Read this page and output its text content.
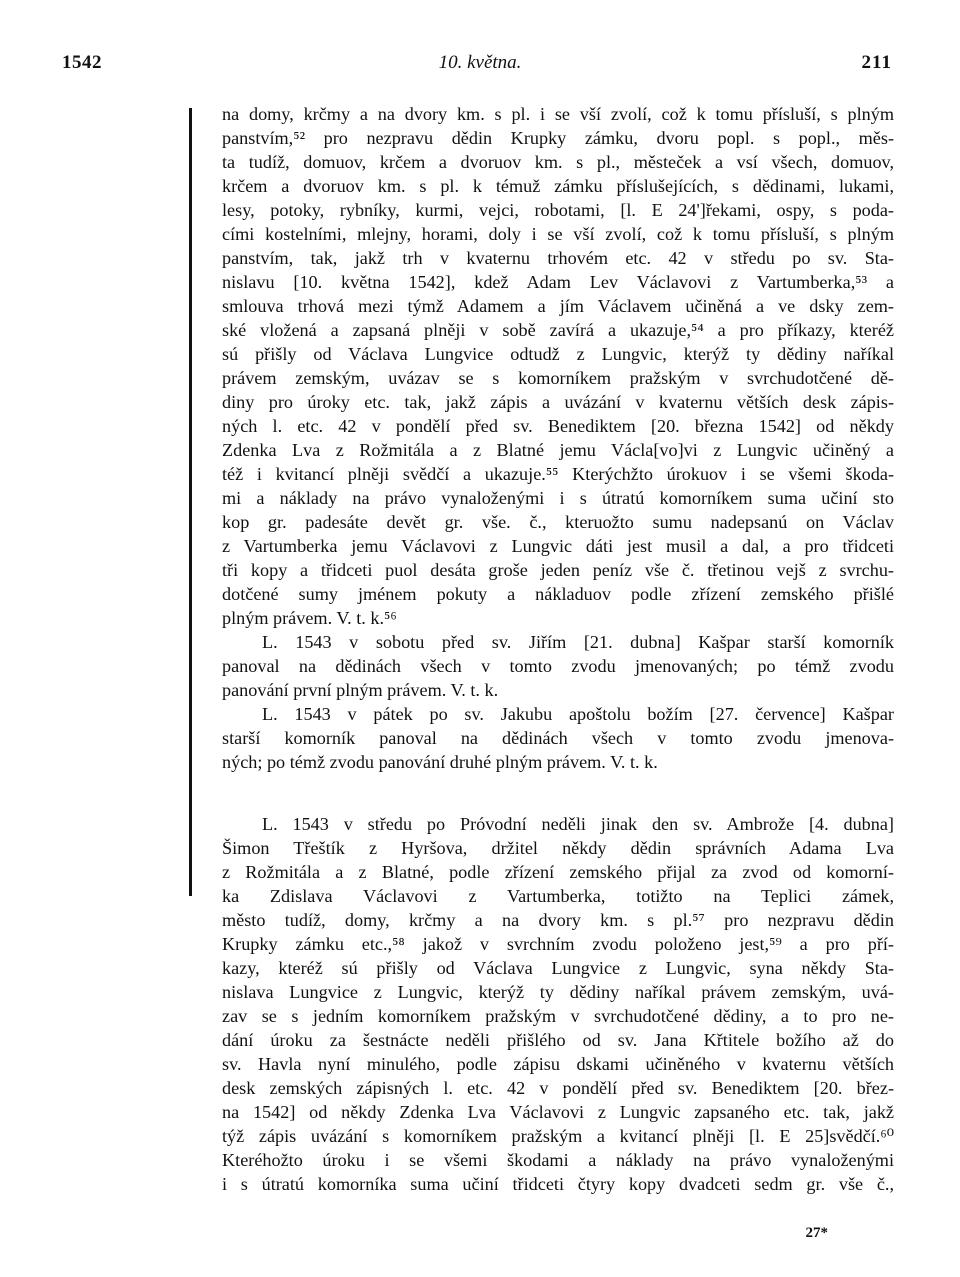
1542	10. května.	211
na domy, krčmy a na dvory km. s pl. i se vší zvolí, což k tomu přísluší, s plným
panstvím,⁵² pro nezpravu dědin Krupky zámku, dvoru popl. s popl., měs-
ta tudíž, domuov, krčem a dvoruov km. s pl., městeček a vsí všech, domuov,
krčem a dvoruov km. s pl. k témuž zámku příslušejících, s dědinami, lukami,
lesy, potoky, rybníky, kurmi, vejci, robotami, [l. E 24']řekami, ospy, s poda-
cími kostelními, mlejny, horami, doly i se vší zvolí, což k tomu přísluší, s plným
panstvím, tak, jakž trh v kvaternu trhovém etc. 42 v středu po sv. Sta-
nislavu [10. května 1542], kdež Adam Lev Václavovi z Vartumberka,⁵³ a
smlouva trhová mezi týmž Adamem a jím Václavem učiněná a ve dsky zem-
ské vložená a zapsaná plněji v sobě zavírá a ukazuje,⁵⁴ a pro příkazy, kteréž
sú přišly od Václava Lungvice odtudž z Lungvic, kterýž ty dědiny naříkal
právem zemským, uvázav se s komorníkem pražským v svrchudotčené dě-
diny pro úroky etc. tak, jakž zápis a uvázání v kvaternu větších desk zápis-
ných l. etc. 42 v pondělí před sv. Benediktem [20. března 1542] od někdy
Zdenka Lva z Rožmitála a z Blatné jemu Václa[vo]vi z Lungvic učiněný a
též i kvitancí plněji svědčí a ukazuje.⁵⁵ Kterýchžto úrokuov i se všemi škoda-
mi a náklady na právo vynaloženými i s útratú komorníkem suma učiní sto
kop gr. padesáte devět gr. vše. č., kteruožto sumu nadepsanú on Václav
z Vartumberka jemu Václavovi z Lungvic dáti jest musil a dal, a pro třidceti
tři kopy a třidceti puol desáta groše jeden peníz vše č. třetinou vejš z svrchu-
dotčené sumy jménem pokuty a nákladuov podle zřízení zemského přišlé
plným právem. V. t. k.⁵⁶
L. 1543 v sobotu před sv. Jiřím [21. dubna] Kašpar starší komorník
panoval na dědinách všech v tomto zvodu jmenovaných; po témž zvodu
panování první plným právem. V. t. k.
L. 1543 v pátek po sv. Jakubu apoštolu božím [27. července] Kašpar
starší komorník panoval na dědinách všech v tomto zvodu jmenova-
ných; po témž zvodu panování druhé plným právem. V. t. k.
L. 1543 v středu po Próvodní neděli jinak den sv. Ambrože [4. dubna]
Šimon Třeštík z Hyršova, držitel někdy dědin správních Adama Lva
z Rožmitála a z Blatné, podle zřízení zemského přijal za zvod od komorní-
ka Zdislava Václavovi z Vartumberka, totižto na Teplici zámek,
město tudíž, domy, krčmy a na dvory km. s pl.⁵⁷ pro nezpravu dědin
Krupky zámku etc.,⁵⁸ jakož v svrchním zvodu položeno jest,⁵⁹ a pro pří-
kazy, kteréž sú přišly od Václava Lungvice z Lungvic, syna někdy Sta-
nislava Lungvice z Lungvic, kterýž ty dědiny naříkal právem zemským, uvá-
zav se s jedním komorníkem pražským v svrchudotčené dědiny, a to pro ne-
dání úroku za šestnácte neděli přišlého od sv. Jana Křtitele božího až do
sv. Havla nyní minulého, podle zápisu dskami učiněného v kvaternu větších
desk zemských zápisných l. etc. 42 v pondělí před sv. Benediktem [20. břez-
na 1542] od někdy Zdenka Lva Václavovi z Lungvic zapsaného etc. tak, jakž
týž zápis uvázání s komorníkem pražským a kvitancí plněji [l. E 25]svědčí.⁶⁰
Kteréhožto úroku i se všemi škodami a náklady na právo vynaloženými
i s útratú komorníka suma učiní třidceti čtyry kopy dvadceti sedm gr. vše č.,
27*
